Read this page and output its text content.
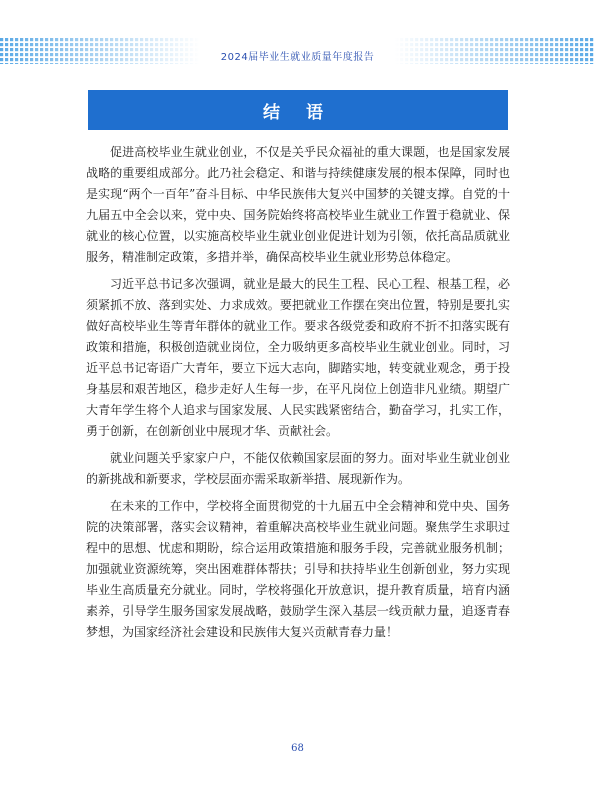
2024届毕业生就业质量年度报告
结 语

促进高校毕业生就业创业，不仅是关乎民众福祉的重大课题，也是国家发展战略的重要组成部分。此乃社会稳定、和谐与持续健康发展的根本保障，同时也是实现“两个一百年”奋斗目标、中华民族伟大复兴中国梦的关键支撑。自党的十九届五中全会以来，党中央、国务院始终将高校毕业生就业工作置于稳就业、保就业的核心位置，以实施高校毕业生就业创业促进计划为引领，依托高品质就业服务，精准制定政策，多措并举，确保高校毕业生就业形势总体稳定。

习近平总书记多次强调，就业是最大的民生工程、民心工程、根基工程，必须紧抓不放、落到实处、力求成效。要把就业工作摆在突出位置，特别是要扎实做好高校毕业生等青年群体的就业工作。要求各级党委和政府不折不扣落实既有政策和措施，积极创造就业岗位，全力吸纳更多高校毕业生就业创业。同时，习近平总书记寄语广大青年，要立下远大志向，脚踏实地，转变就业观念，勇于投身基层和艰苦地区，稳步走好人生每一步，在平凡岗位上创造非凡业绩。期望广大青年学生将个人追求与国家发展、人民实践紧密结合，勤奋学习，扎实工作，勇于创新，在创新创业中展现才华、贡献社会。

就业问题关乎家家户户，不能仅依赖国家层面的努力。面对毕业生就业创业的新挑战和新要求，学校层面亦需采取新举措、展现新作为。

在未来的工作中，学校将全面贯彻党的十九届五中全会精神和党中央、国务院的决策部署，落实会议精神，着重解决高校毕业生就业问题。聚焦学生求职过程中的思想、忧虑和期盼，综合运用政策措施和服务手段，完善就业服务机制；加强就业资源统筹，突出困难群体帮扶；引导和扶持毕业生创新创业，努力实现毕业生高质量充分就业。同时，学校将强化开放意识，提升教育质量，培育内涵素养，引导学生服务国家发展战略，鼓励学生深入基层一线贡献力量，追逐青春梦想，为国家经济社会建设和民族伟大复兴贡献青春力量！

68
